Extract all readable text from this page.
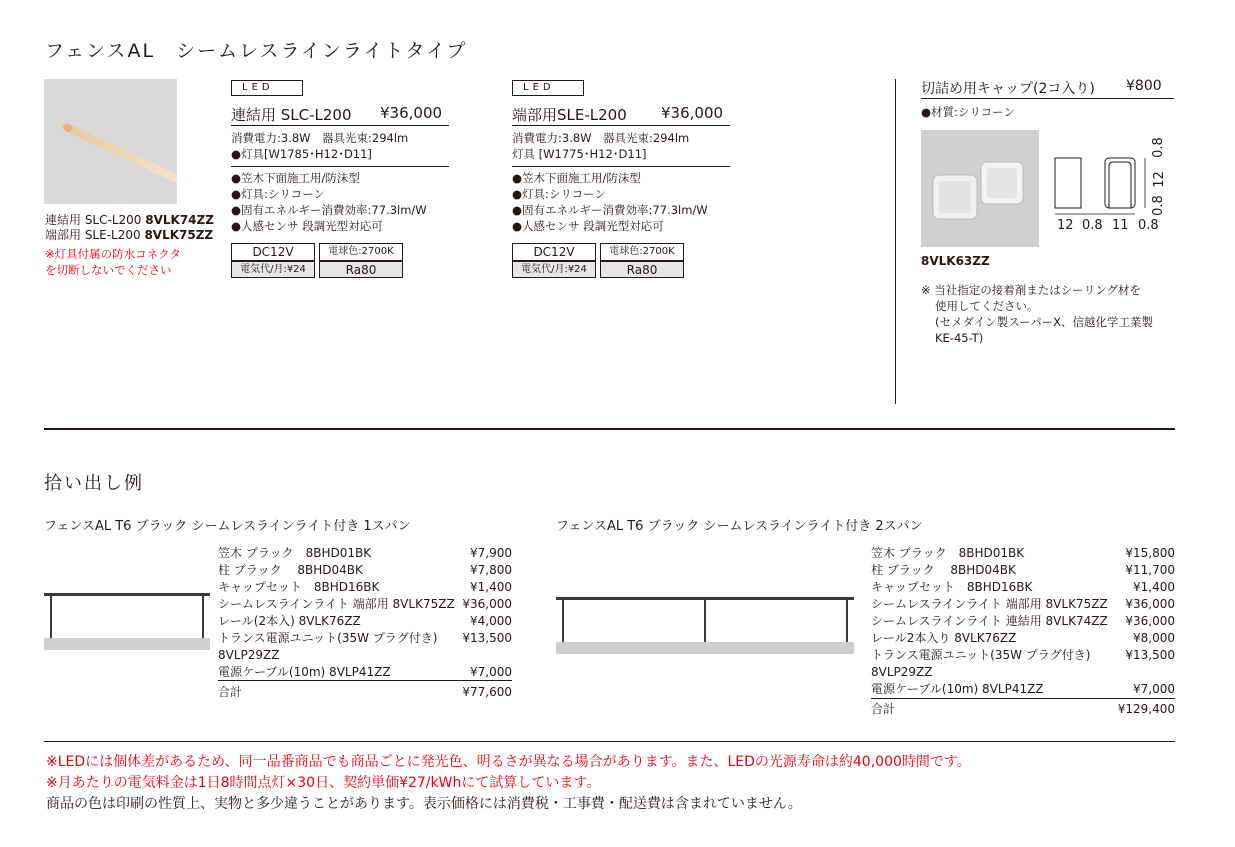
フェンスAL　シームレスラインライトタイプ
連結用 SLC-L200 8VLK74ZZ
端部用 SLE-L200 8VLK75ZZ
※灯具付属の防水コネクタ
を切断しないでください
LED
連結用 SLC-L200 ¥36,000
消費電力:3.8W　器具光束:294lm
●灯具[W1785･H12･D11]
●笠木下面施工用/防沫型
●灯具:シリコーン
●固有エネルギー消費効率:77.3lm/W
●人感センサ 段調光型対応可
DC12V	電球色:2700K
電気代/月:¥24	Ra80
LED
端部用SLE-L200 ¥36,000
消費電力:3.8W　器具光束:294lm
灯具 [W1775･H12･D11]
●笠木下面施工用/防沫型
●灯具:シリコーン
●固有エネルギー消費効率:77.3lm/W
●人感センサ 段調光型対応可
DC12V	電球色:2700K
電気代/月:¥24	Ra80
切詰め用キャップ(2コ入り) ¥800
●材質:シリコーン
12 0.8 11 0.8
0.8
12
0.8
8VLK63ZZ
※ 当社指定の接着剤またはシーリング材を
使用してください。
(セメダイン製スーパーX、信越化学工業製
KE-45-T)
拾い出し例
フェンスAL T6 ブラック シームレスラインライト付き 1スパン
笠木 ブラック　8BHD01BK	¥7,900
柱 ブラック　 8BHD04BK	¥7,800
キャップセット　8BHD16BK	¥1,400
シームレスラインライト 端部用 8VLK75ZZ ¥36,000
レール(2本入) 8VLK76ZZ	¥4,000
トランス電源ユニット(35W プラグ付き) ¥13,500
8VLP29ZZ
電源ケーブル(10m) 8VLP41ZZ	¥7,000
合計	¥77,600
フェンスAL T6 ブラック シームレスラインライト付き 2スパン
笠木 ブラック　8BHD01BK	¥15,800
柱 ブラック　 8BHD04BK	¥11,700
キャップセット　8BHD16BK	¥1,400
シームレスラインライト 端部用 8VLK75ZZ ¥36,000
シームレスラインライト 連結用 8VLK74ZZ ¥36,000
レール2本入り 8VLK76ZZ	¥8,000
トランス電源ユニット(35W プラグ付き)	¥13,500
8VLP29ZZ
電源ケーブル(10m) 8VLP41ZZ	¥7,000
合計	¥129,400
※LEDには個体差があるため、同一品番商品でも商品ごとに発光色、明るさが異なる場合があります。また、LEDの光源寿命は約40,000時間です。
※月あたりの電気料金は1日8時間点灯×30日、契約単価¥27/kWhにて試算しています。
商品の色は印刷の性質上、実物と多少違うことがあります。表示価格には消費税・工事費・配送費は含まれていません。
